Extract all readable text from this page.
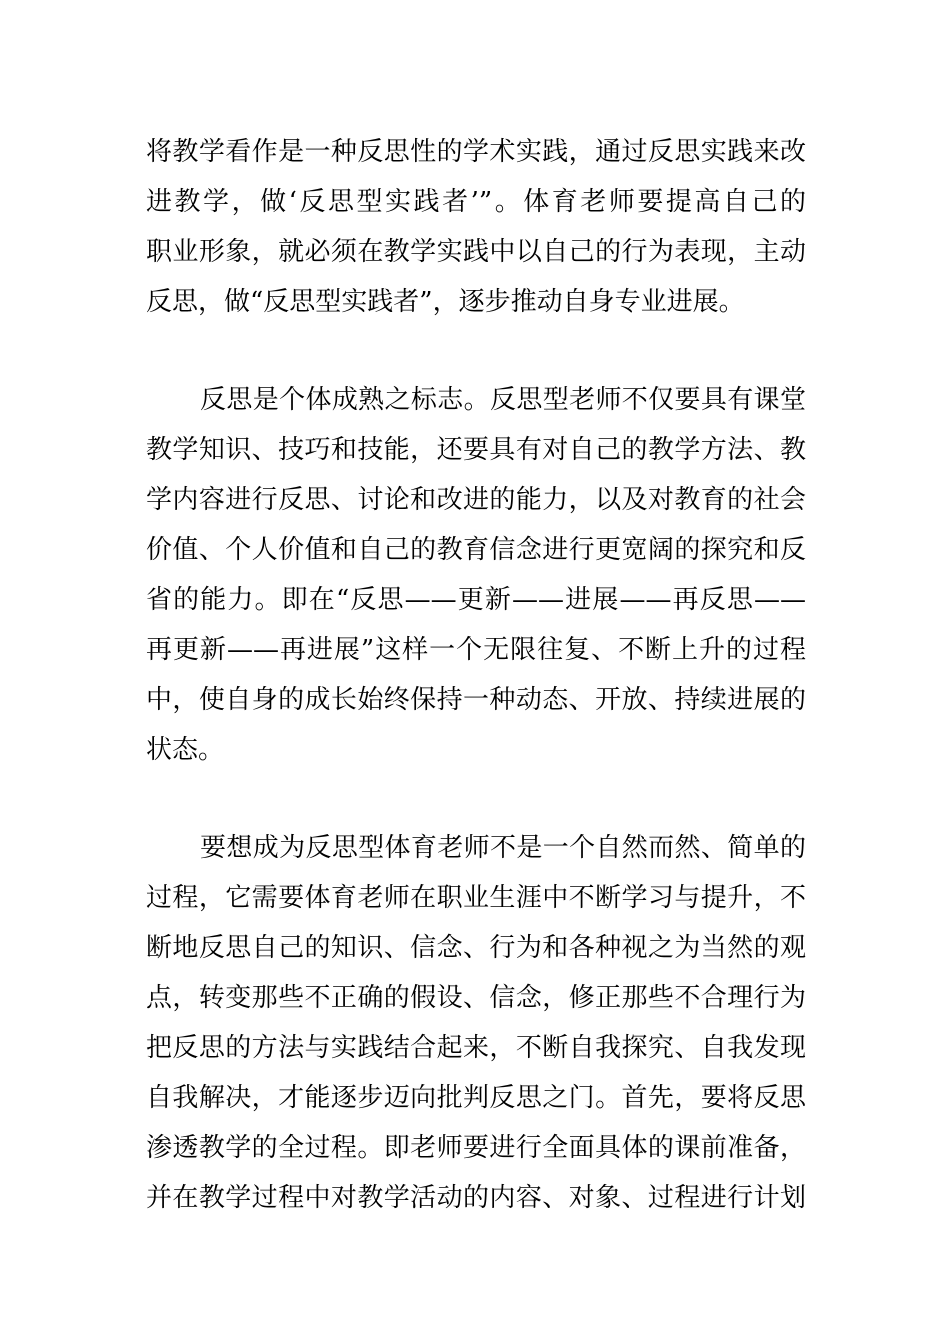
将教学看作是一种反思性的学术实践，通过反思实践来改
进教学，做‘反思型实践者’”。体育老师要提高自己的
职业形象，就必须在教学实践中以自己的行为表现，主动
反思，做“反思型实践者”，逐步推动自身专业进展。
反思是个体成熟之标志。反思型老师不仅要具有课堂
教学知识、技巧和技能，还要具有对自己的教学方法、教
学内容进行反思、讨论和改进的能力，以及对教育的社会
价值、个人价值和自己的教育信念进行更宽阔的探究和反
省的能力。即在“反思——更新——进展——再反思——
再更新——再进展”这样一个无限往复、不断上升的过程
中，使自身的成长始终保持一种动态、开放、持续进展的
状态。
要想成为反思型体育老师不是一个自然而然、简单的
过程，它需要体育老师在职业生涯中不断学习与提升，不
断地反思自己的知识、信念、行为和各种视之为当然的观
点，转变那些不正确的假设、信念，修正那些不合理行为
把反思的方法与实践结合起来，不断自我探究、自我发现
自我解决，才能逐步迈向批判反思之门。首先，要将反思
渗透教学的全过程。即老师要进行全面具体的课前准备，
并在教学过程中对教学活动的内容、对象、过程进行计划
